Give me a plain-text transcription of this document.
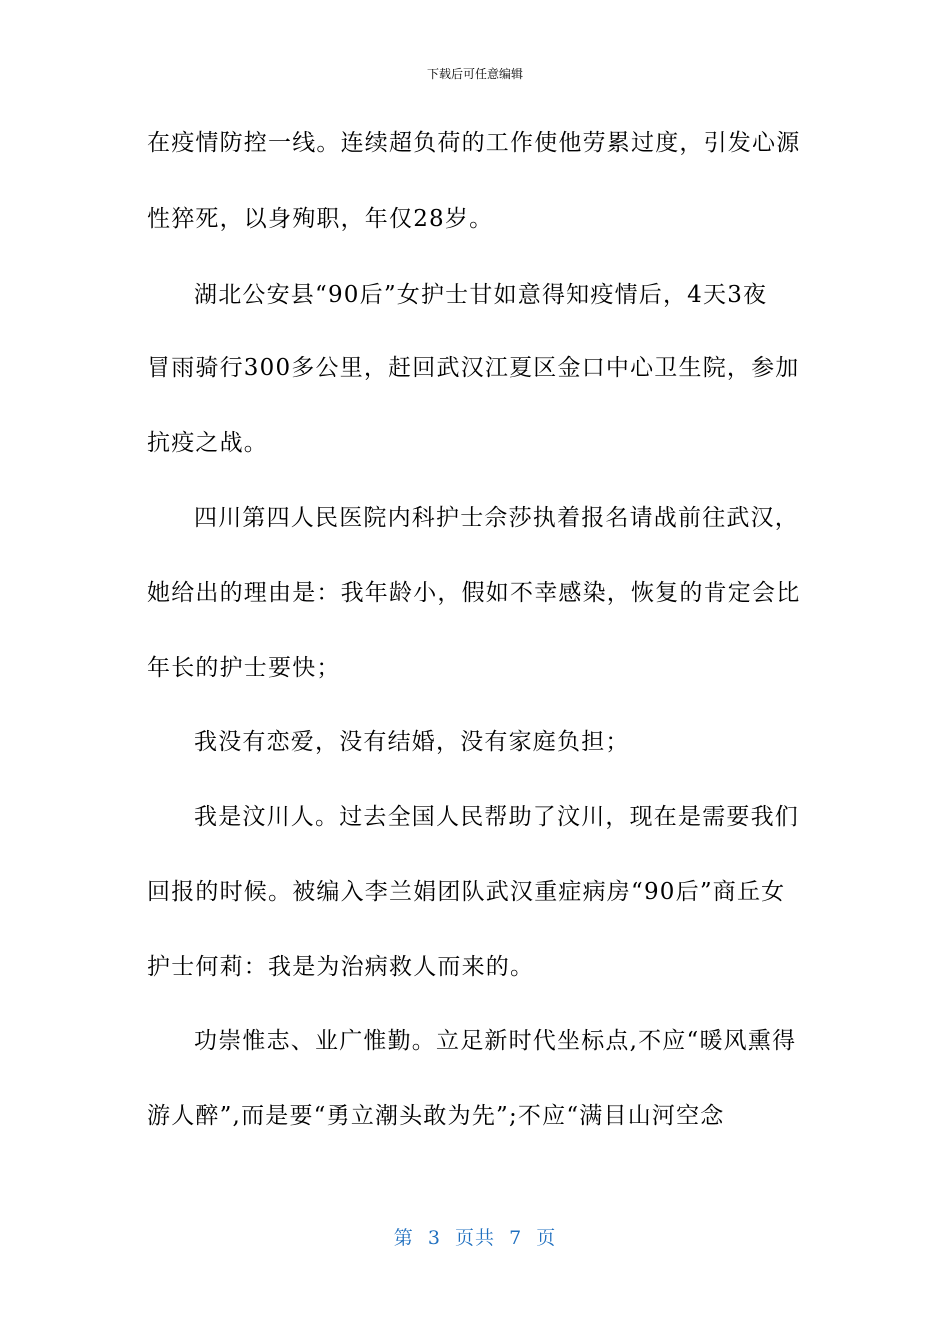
下载后可任意编辑
在疫情防控一线。连续超负荷的工作使他劳累过度，引发心源
性猝死，以身殉职，年仅28岁。
湖北公安县“90后”女护士甘如意得知疫情后，4天3夜
冒雨骑行300多公里，赶回武汉江夏区金口中心卫生院，参加
抗疫之战。
四川第四人民医院内科护士佘莎执着报名请战前往武汉，
她给出的理由是：我年龄小，假如不幸感染，恢复的肯定会比
年长的护士要快；
我没有恋爱，没有结婚，没有家庭负担；
我是汶川人。过去全国人民帮助了汶川，现在是需要我们
回报的时候。被编入李兰娟团队武汉重症病房“90后”商丘女
护士何莉：我是为治病救人而来的。
功崇惟志、业广惟勤。立足新时代坐标点,不应“暖风熏得
游人醉”,而是要“勇立潮头敢为先”;不应“满目山河空念
第  3  页共  7  页
